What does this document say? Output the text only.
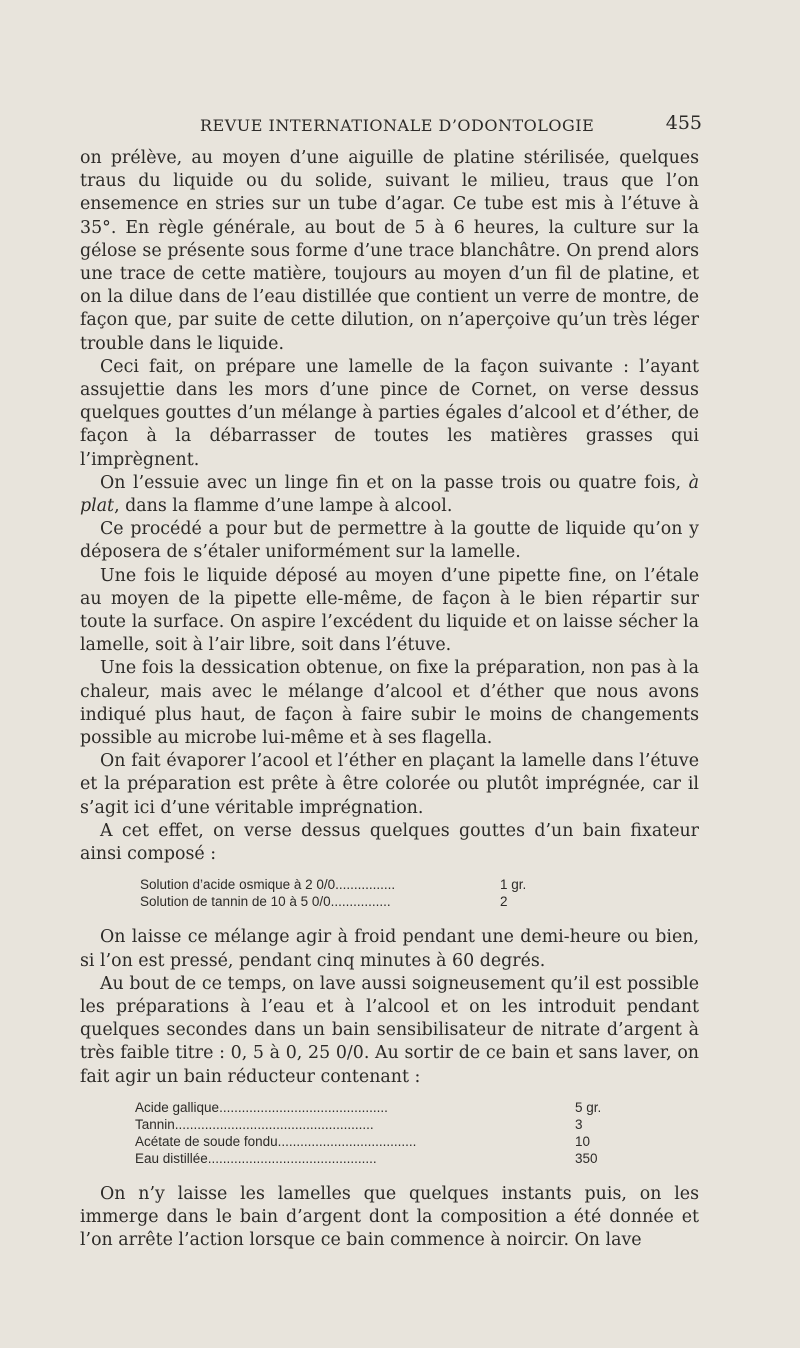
REVUE INTERNATIONALE D’ODONTOLOGIE	455

on prélève, au moyen d’une aiguille de platine stérilisée, quelques traus du liquide ou du solide, suivant le milieu, traus que l’on ensemence en stries sur un tube d’agar. Ce tube est mis à l’étuve à 35°. En règle générale, au bout de 5 à 6 heures, la culture sur la gélose se présente sous forme d’une trace blanchâtre. On prend alors une trace de cette matière, toujours au moyen d’un fil de platine, et on la dilue dans de l’eau distillée que contient un verre de montre, de façon que, par suite de cette dilution, on n’aperçoive qu’un très léger trouble dans le liquide.

Ceci fait, on prépare une lamelle de la façon suivante : l’ayant assujettie dans les mors d’une pince de Cornet, on verse dessus quelques gouttes d’un mélange à parties égales d’alcool et d’éther, de façon à la débarrasser de toutes les matières grasses qui l’imprègnent.

On l’essuie avec un linge fin et on la passe trois ou quatre fois, à plat, dans la flamme d’une lampe à alcool.

Ce procédé a pour but de permettre à la goutte de liquide qu’on y déposera de s’étaler uniformément sur la lamelle.

Une fois le liquide déposé au moyen d’une pipette fine, on l’étale au moyen de la pipette elle-même, de façon à le bien répartir sur toute la surface. On aspire l’excédent du liquide et on laisse sécher la lamelle, soit à l’air libre, soit dans l’étuve.

Une fois la dessication obtenue, on fixe la préparation, non pas à la chaleur, mais avec le mélange d’alcool et d’éther que nous avons indiqué plus haut, de façon à faire subir le moins de changements possible au microbe lui-même et à ses flagella.

On fait évaporer l’acool et l’éther en plaçant la lamelle dans l’étuve et la préparation est prête à être colorée ou plutôt imprégnée, car il s’agit ici d’une véritable imprégnation.

A cet effet, on verse dessus quelques gouttes d’un bain fixateur ainsi composé :

Solution d’acide osmique à 2 0/0 ................	1 gr.
Solution de tannin de 10 à 5 0/0 ................	2

On laisse ce mélange agir à froid pendant une demi-heure ou bien, si l’on est pressé, pendant cinq minutes à 60 degrés.

Au bout de ce temps, on lave aussi soigneusement qu’il est possible les préparations à l’eau et à l’alcool et on les introduit pendant quelques secondes dans un bain sensibilisateur de nitrate d’argent à très faible titre : 0, 5 à 0, 25 0/0. Au sortir de ce bain et sans laver, on fait agir un bain réducteur contenant :

Acide gallique .............................................	5 gr.
Tannin .....................................................	3
Acétate de soude fondu .....................................	10
Eau distillée .............................................	350

On n’y laisse les lamelles que quelques instants puis, on les immerge dans le bain d’argent dont la composition a été donnée et l’on arrête l’action lorsque ce bain commence à noircir. On lave
